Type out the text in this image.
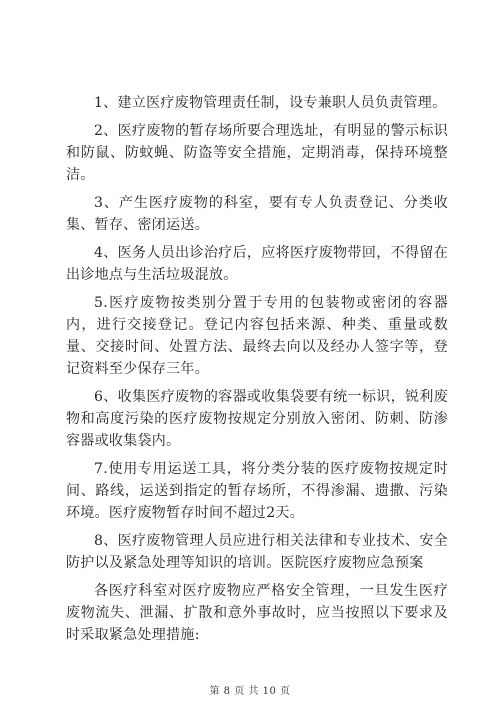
1、建立医疗废物管理责任制，设专兼职人员负责管理。

2、医疗废物的暂存场所要合理选址，有明显的警示标识和防鼠、防蚊蝇、防盗等安全措施，定期消毒，保持环境整洁。

3、产生医疗废物的科室，要有专人负责登记、分类收集、暂存、密闭运送。

4、医务人员出诊治疗后，应将医疗废物带回，不得留在出诊地点与生活垃圾混放。

5.医疗废物按类别分置于专用的包装物或密闭的容器内，进行交接登记。登记内容包括来源、种类、重量或数量、交接时间、处置方法、最终去向以及经办人签字等，登记资料至少保存三年。

6、收集医疗废物的容器或收集袋要有统一标识，锐利废物和高度污染的医疗废物按规定分别放入密闭、防刺、防渗容器或收集袋内。

7.使用专用运送工具，将分类分装的医疗废物按规定时间、路线，运送到指定的暂存场所，不得渗漏、遗撒、污染环境。医疗废物暂存时间不超过2天。

8、医疗废物管理人员应进行相关法律和专业技术、安全防护以及紧急处理等知识的培训。医院医疗废物应急预案

各医疗科室对医疗废物应严格安全管理，一旦发生医疗废物流失、泄漏、扩散和意外事故时，应当按照以下要求及时采取紧急处理措施:

第 8 页 共 10 页
